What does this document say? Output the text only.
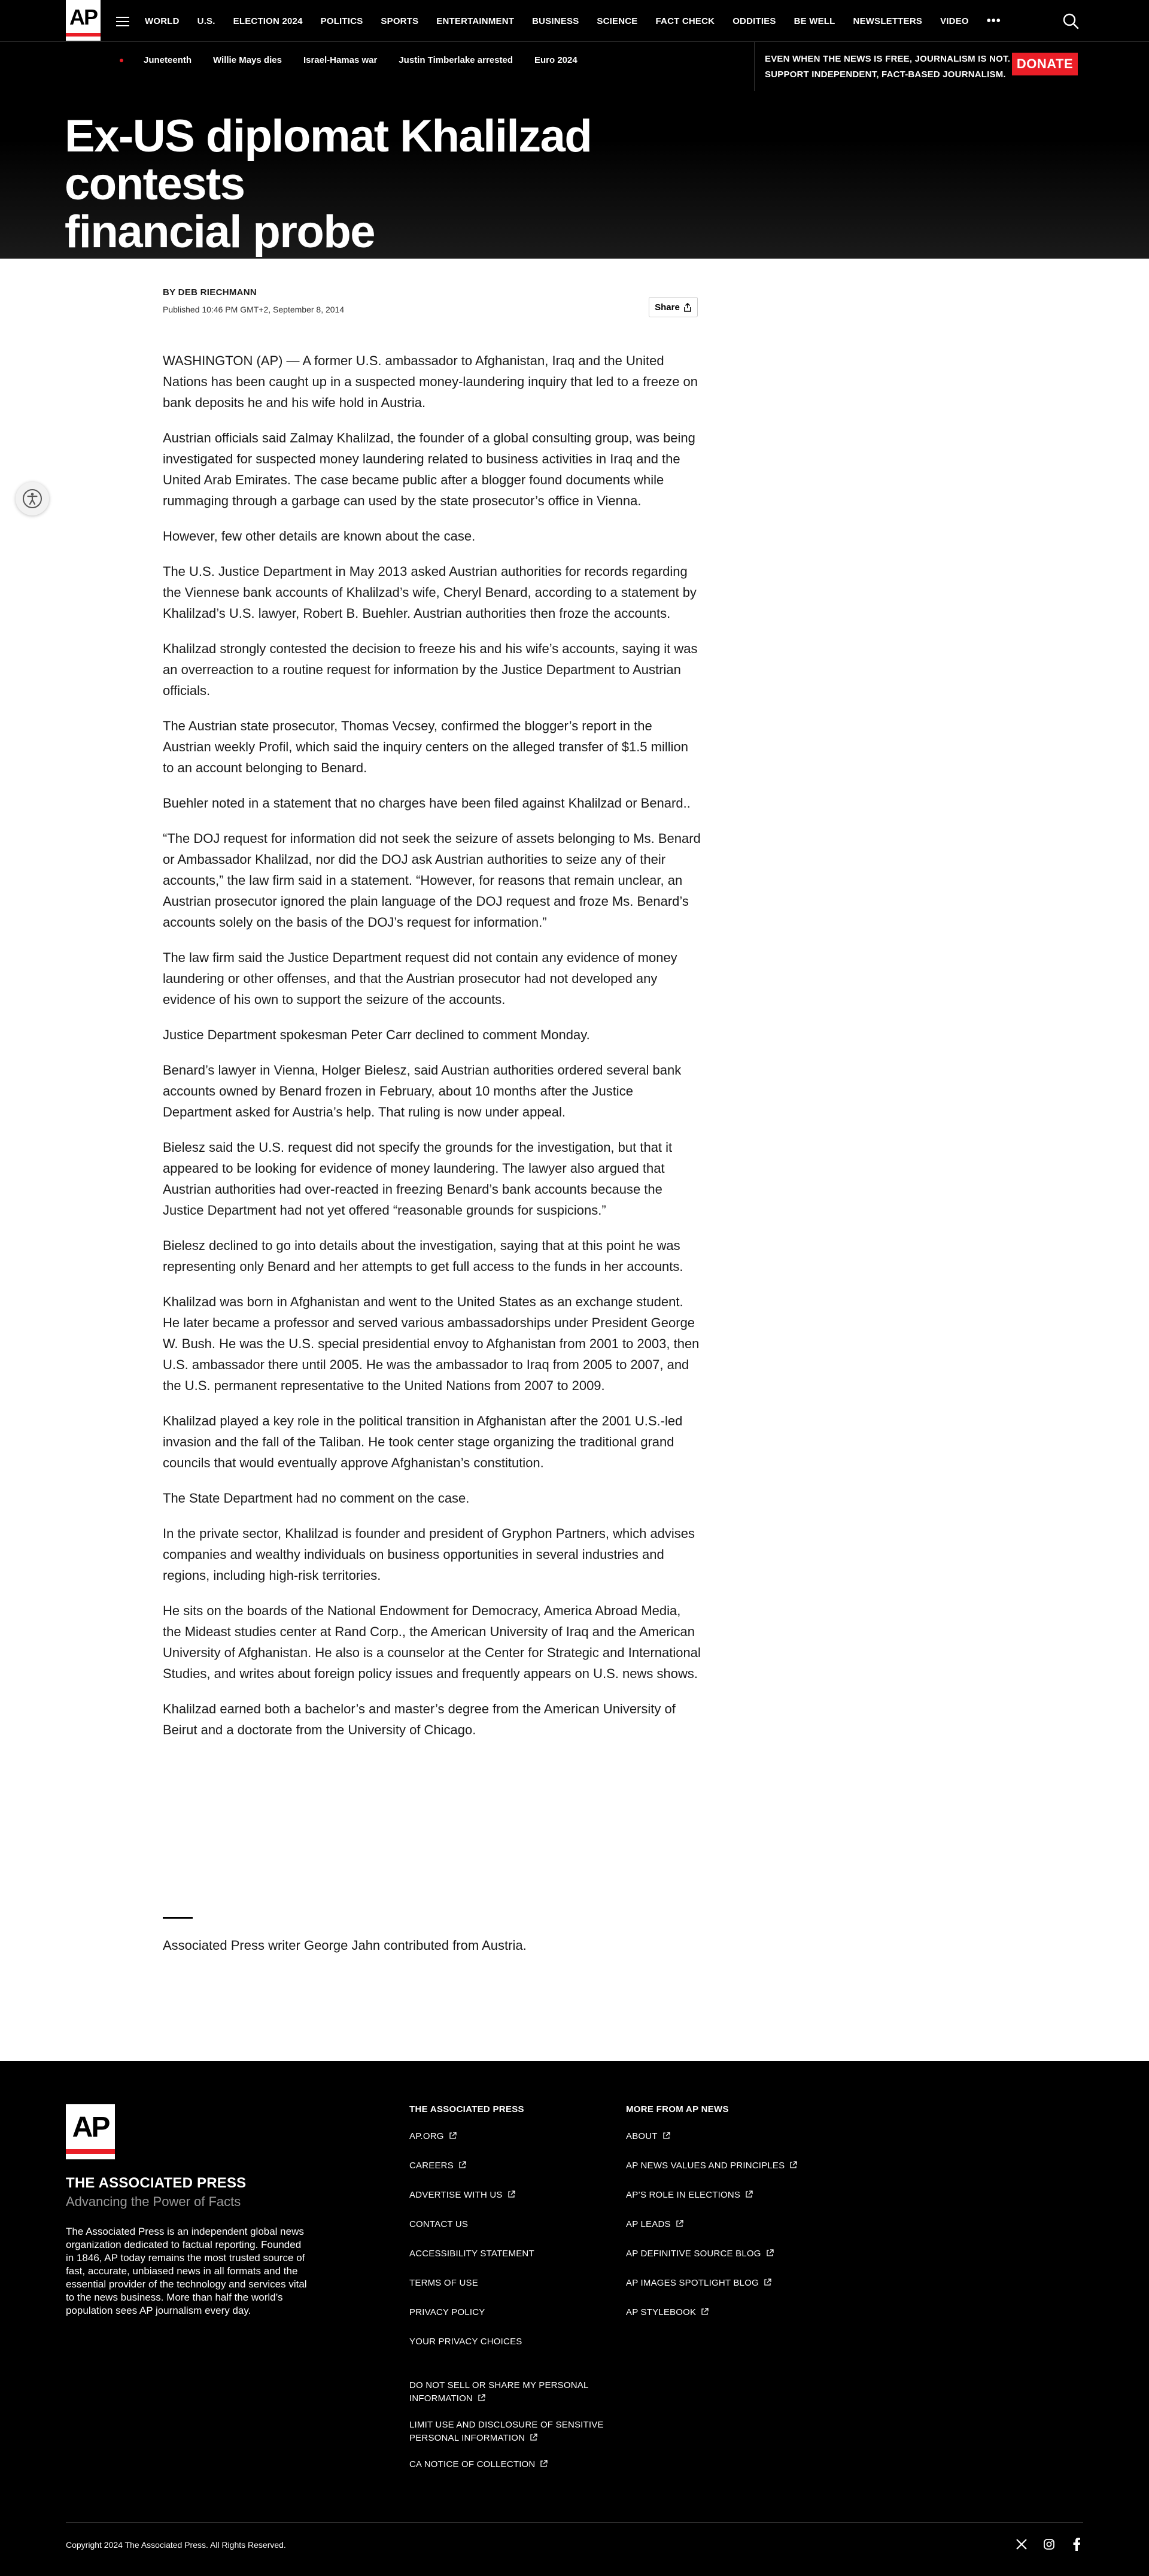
AP	WORLD U.S. ELECTION 2024 POLITICS SPORTS ENTERTAINMENT BUSINESS SCIENCE FACT CHECK ODDITIES BE WELL NEWSLETTERS VIDEO •••
Juneteenth Willie Mays dies Israel-Hamas war Justin Timberlake arrested Euro 2024	EVEN WHEN THE NEWS IS FREE, JOURNALISM IS NOT.
SUPPORT INDEPENDENT, FACT-BASED JOURNALISM.
DONATE
Ex-US diplomat Khalilzad contests
financial probe
BY DEB RIECHMANN
Published 10:46 PM GMT+2, September 8, 2014	Share

WASHINGTON (AP) — A former U.S. ambassador to Afghanistan, Iraq and the United Nations has been caught up in a suspected money-laundering inquiry that led to a freeze on bank deposits he and his wife hold in Austria.

Austrian officials said Zalmay Khalilzad, the founder of a global consulting group, was being investigated for suspected money laundering related to business activities in Iraq and the United Arab Emirates. The case became public after a blogger found documents while rummaging through a garbage can used by the state prosecutor’s office in Vienna.

However, few other details are known about the case.

The U.S. Justice Department in May 2013 asked Austrian authorities for records regarding the Viennese bank accounts of Khalilzad’s wife, Cheryl Benard, according to a statement by Khalilzad’s U.S. lawyer, Robert B. Buehler. Austrian authorities then froze the accounts.

Khalilzad strongly contested the decision to freeze his and his wife’s accounts, saying it was an overreaction to a routine request for information by the Justice Department to Austrian officials.

The Austrian state prosecutor, Thomas Vecsey, confirmed the blogger’s report in the Austrian weekly Profil, which said the inquiry centers on the alleged transfer of $1.5 million to an account belonging to Benard.

Buehler noted in a statement that no charges have been filed against Khalilzad or Benard..

“The DOJ request for information did not seek the seizure of assets belonging to Ms. Benard or Ambassador Khalilzad, nor did the DOJ ask Austrian authorities to seize any of their accounts,” the law firm said in a statement. “However, for reasons that remain unclear, an Austrian prosecutor ignored the plain language of the DOJ request and froze Ms. Benard’s accounts solely on the basis of the DOJ’s request for information.”

The law firm said the Justice Department request did not contain any evidence of money laundering or other offenses, and that the Austrian prosecutor had not developed any evidence of his own to support the seizure of the accounts.

Justice Department spokesman Peter Carr declined to comment Monday.

Benard’s lawyer in Vienna, Holger Bielesz, said Austrian authorities ordered several bank accounts owned by Benard frozen in February, about 10 months after the Justice Department asked for Austria’s help. That ruling is now under appeal.

Bielesz said the U.S. request did not specify the grounds for the investigation, but that it appeared to be looking for evidence of money laundering. The lawyer also argued that Austrian authorities had over-reacted in freezing Benard’s bank accounts because the Justice Department had not yet offered “reasonable grounds for suspicions.”

Bielesz declined to go into details about the investigation, saying that at this point he was representing only Benard and her attempts to get full access to the funds in her accounts.

Khalilzad was born in Afghanistan and went to the United States as an exchange student. He later became a professor and served various ambassadorships under President George W. Bush. He was the U.S. special presidential envoy to Afghanistan from 2001 to 2003, then U.S. ambassador there until 2005. He was the ambassador to Iraq from 2005 to 2007, and the U.S. permanent representative to the United Nations from 2007 to 2009.

Khalilzad played a key role in the political transition in Afghanistan after the 2001 U.S.-led invasion and the fall of the Taliban. He took center stage organizing the traditional grand councils that would eventually approve Afghanistan’s constitution.

The State Department had no comment on the case.

In the private sector, Khalilzad is founder and president of Gryphon Partners, which advises companies and wealthy individuals on business opportunities in several industries and regions, including high-risk territories.

He sits on the boards of the National Endowment for Democracy, America Abroad Media, the Mideast studies center at Rand Corp., the American University of Iraq and the American University of Afghanistan. He also is a counselor at the Center for Strategic and International Studies, and writes about foreign policy issues and frequently appears on U.S. news shows.

Khalilzad earned both a bachelor’s and master’s degree from the American University of Beirut and a doctorate from the University of Chicago.

Associated Press writer George Jahn contributed from Austria.

AP
THE ASSOCIATED PRESS
Advancing the Power of Facts

The Associated Press is an independent global news organization dedicated to factual reporting. Founded in 1846, AP today remains the most trusted source of fast, accurate, unbiased news in all formats and the essential provider of the technology and services vital to the news business. More than half the world’s population sees AP journalism every day.

THE ASSOCIATED PRESS
AP.ORG
CAREERS
ADVERTISE WITH US
CONTACT US
ACCESSIBILITY STATEMENT
TERMS OF USE
PRIVACY POLICY
YOUR PRIVACY CHOICES
DO NOT SELL OR SHARE MY PERSONAL
INFORMATION
LIMIT USE AND DISCLOSURE OF SENSITIVE
PERSONAL INFORMATION
CA NOTICE OF COLLECTION
MORE FROM AP NEWS
ABOUT
AP NEWS VALUES AND PRINCIPLES
AP’S ROLE IN ELECTIONS
AP LEADS
AP DEFINITIVE SOURCE BLOG
AP IMAGES SPOTLIGHT BLOG
AP STYLEBOOK
Copyright 2024 The Associated Press. All Rights Reserved.
